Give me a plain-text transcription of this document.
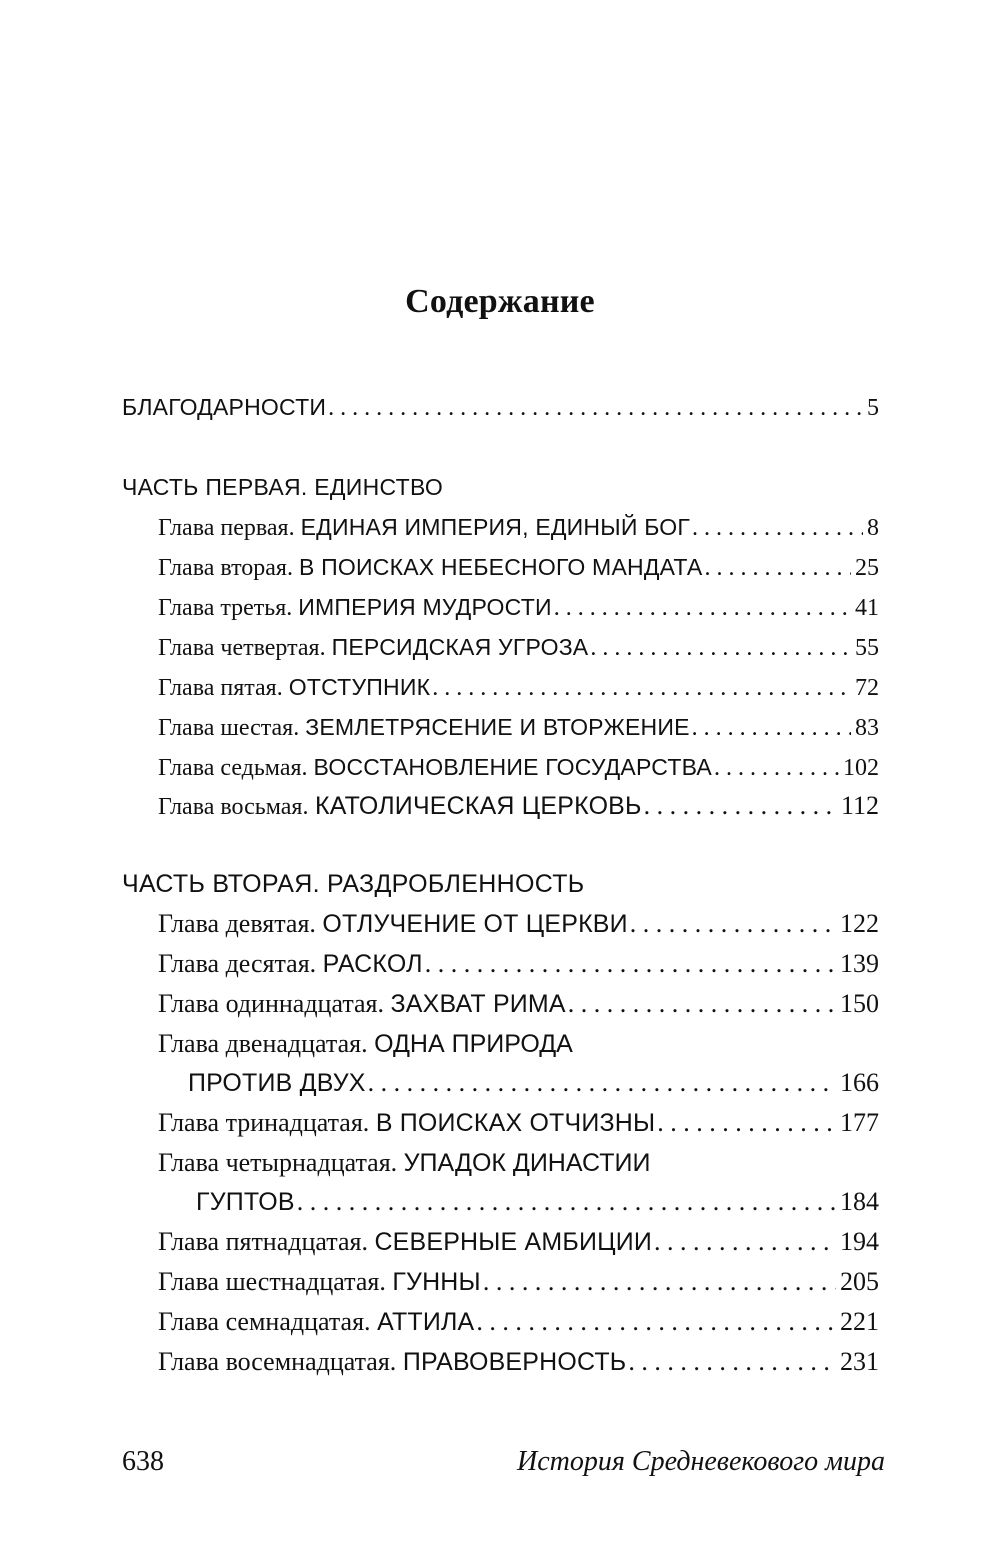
Содержание
БЛАГОДАРНОСТИ . . .	5
ЧАСТЬ ПЕРВАЯ. ЕДИНСТВО
Глава первая. ЕДИНАЯ ИМПЕРИЯ, ЕДИНЫЙ БОГ . . .	8
Глава вторая. В ПОИСКАХ НЕБЕСНОГО МАНДАТА . . .	25
Глава третья. ИМПЕРИЯ МУДРОСТИ . . .	41
Глава четвертая. ПЕРСИДСКАЯ УГРОЗА . . .	55
Глава пятая. ОТСТУПНИК . . .	72
Глава шестая. ЗЕМЛЕТРЯСЕНИЕ И ВТОРЖЕНИЕ . . .	83
Глава седьмая. ВОССТАНОВЛЕНИЕ ГОСУДАРСТВА . . .	102
Глава восьмая. КАТОЛИЧЕСКАЯ ЦЕРКОВЬ . . .	112
ЧАСТЬ ВТОРАЯ. РАЗДРОБЛЕННОСТЬ
Глава девятая. ОТЛУЧЕНИЕ ОТ ЦЕРКВИ . . .	122
Глава десятая. РАСКОЛ . . .	139
Глава одиннадцатая. ЗАХВАТ РИМА . . .	150
Глава двенадцатая.
ОДНА ПРИРОДА
ПРОТИВ ДВУХ . . .	166
Глава тринадцатая. В ПОИСКАХ ОТЧИЗНЫ . . .	177
Глава четырнадцатая.
УПАДОК ДИНАСТИИ
ГУПТОВ . . .	184
Глава пятнадцатая. СЕВЕРНЫЕ АМБИЦИИ . . .	194
Глава шестнадцатая. ГУННЫ . . .	205
Глава семнадцатая. АТТИЛА . . .	221
Глава восемнадцатая. ПРАВОВЕРНОСТЬ . . .	231
638	История Средневекового мира
